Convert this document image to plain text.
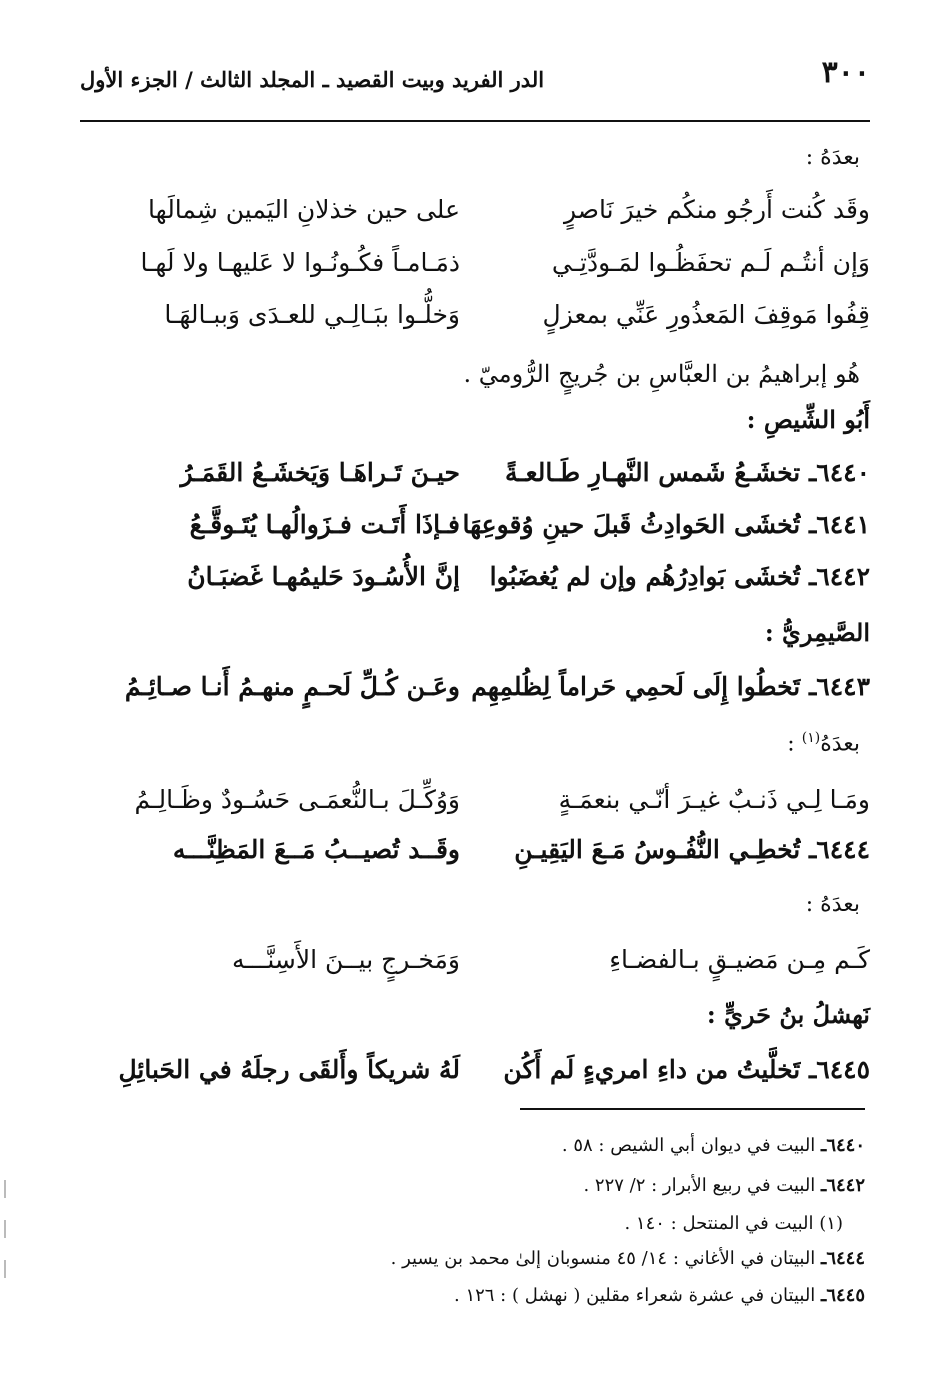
٣٠٠
الدر الفريد وبيت القصيد ـ المجلد الثالث / الجزء الأول
بعدَهُ :
وقَد كُنت أَرجُو منكُم خيرَ نَاصرٍ
على حين خذلانِ اليَمين شِمالَها
وَإن أنتُـم لَـم تحفَظُـوا لمَـودَّتِـي
ذمَـامـاً فكُـونُـوا لا عَليهـا ولا لَهـا
قِفُوا مَوقِفَ المَعذُورِ عَنِّي بمعزلٍ
وَخلُّـوا ببَـالِـي للعـدَى وَببـالهَـا
هُو إبراهيمُ بن العبَّاسِ بن جُريجٍ الرُّوميّ .
أَبُو الشِّيصِ :
٦٤٤٠ـ تخشَـعُ شَمس النَّهـارِ طَـالعـةً
حيـنَ تَـراهَـا وَيَخشَـعُ القَمَـرُ
٦٤٤١ـ تُخشَى الحَوادِثُ قَبلَ حينِ وُقوعِهَا
فـإذَا أَتَـت فـزَوالُهـا يُتَـوقَّـعُ
٦٤٤٢ـ تُخشَى بَوادِرُهُم وإن لم يُغضَبُوا
إنَّ الأُسُـودَ حَليمُهـا غَضبَـانُ
الصَّيمِريُّ :
٦٤٤٣ـ تَخطُوا إِلَى لَحمِي حَراماً لِظُلمِهِم
وعَـن كُـلِّ لَحـمٍ منهـمُ أَنـا صـائِـمُ
بعدَهُ$^{(١)}$ :
ومَـا لِـي ذَنـبٌ غيـرَ أنّـي بنعمَـةٍ
وَوُكِّـلَ بـالنُّعمَـى حَسُـودٌ وظَـالِـمُ
٦٤٤٤ـ تُخطِـي النُّفُـوسُ مَـعَ اليَقِيـنِ
وقَــد تُصيــبُ مَــعَ المَظِنَّـــه
بعدَهُ :
كَـم مِـن مَضيـقٍ بـالفضـاءِ
وَمَخـرجٍ بيــنَ الأَسِنَّـــه
نَهشلُ بنُ حَريٍّ :
٦٤٤٥ـ تَخلَّيتُ من داءِ امريءٍ لَم أَكُن
لَهُ شريكاً وأَلقَى رجلَهُ في الحَبائِلِ
٦٤٤٠ـ البيت في ديوان أبي الشيص : ٥٨ .
٦٤٤٢ـ البيت في ربيع الأبرار : ٢/ ٢٢٧ .
(١) البيت في المنتحل : ١٤٠ .
٦٤٤٤ـ البيتان في الأغاني : ١٤/ ٤٥ منسوبان إلىٰ محمد بن يسير .
٦٤٤٥ـ البيتان في عشرة شعراء مقلين ( نهشل ) : ١٢٦ .
